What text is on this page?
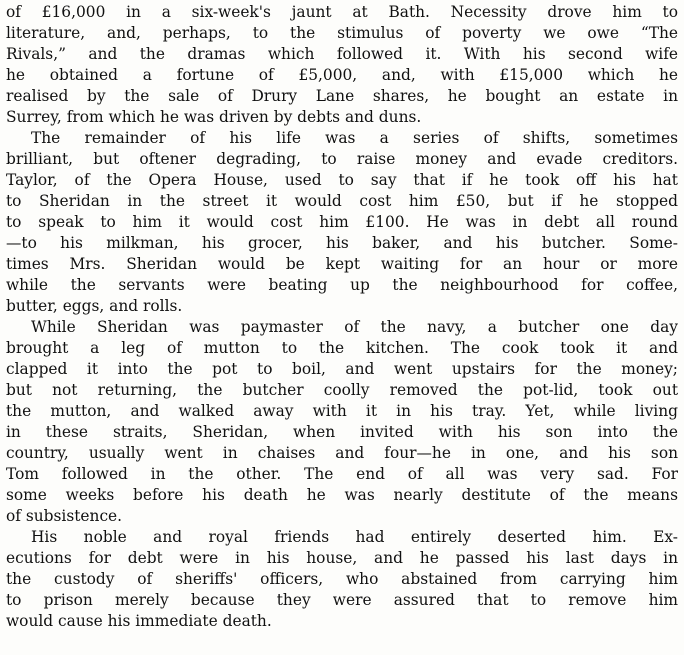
of £16,000 in a six-week's jaunt at Bath. Necessity drove him to
literature, and, perhaps, to the stimulus of poverty we owe “The
Rivals,” and the dramas which followed it. With his second wife
he obtained a fortune of £5,000, and, with £15,000 which he
realised by the sale of Drury Lane shares, he bought an estate in
Surrey, from which he was driven by debts and duns.
The remainder of his life was a series of shifts, sometimes
brilliant, but oftener degrading, to raise money and evade creditors.
Taylor, of the Opera House, used to say that if he took off his hat
to Sheridan in the street it would cost him £50, but if he stopped
to speak to him it would cost him £100. He was in debt all round
—to his milkman, his grocer, his baker, and his butcher. Some-
times Mrs. Sheridan would be kept waiting for an hour or more
while the servants were beating up the neighbourhood for coffee,
butter, eggs, and rolls.
While Sheridan was paymaster of the navy, a butcher one day
brought a leg of mutton to the kitchen. The cook took it and
clapped it into the pot to boil, and went upstairs for the money;
but not returning, the butcher coolly removed the pot-lid, took out
the mutton, and walked away with it in his tray. Yet, while living
in these straits, Sheridan, when invited with his son into the
country, usually went in chaises and four—he in one, and his son
Tom followed in the other. The end of all was very sad. For
some weeks before his death he was nearly destitute of the means
of subsistence.
His noble and royal friends had entirely deserted him. Ex-
ecutions for debt were in his house, and he passed his last days in
the custody of sheriffs' officers, who abstained from carrying him
to prison merely because they were assured that to remove him
would cause his immediate death.
